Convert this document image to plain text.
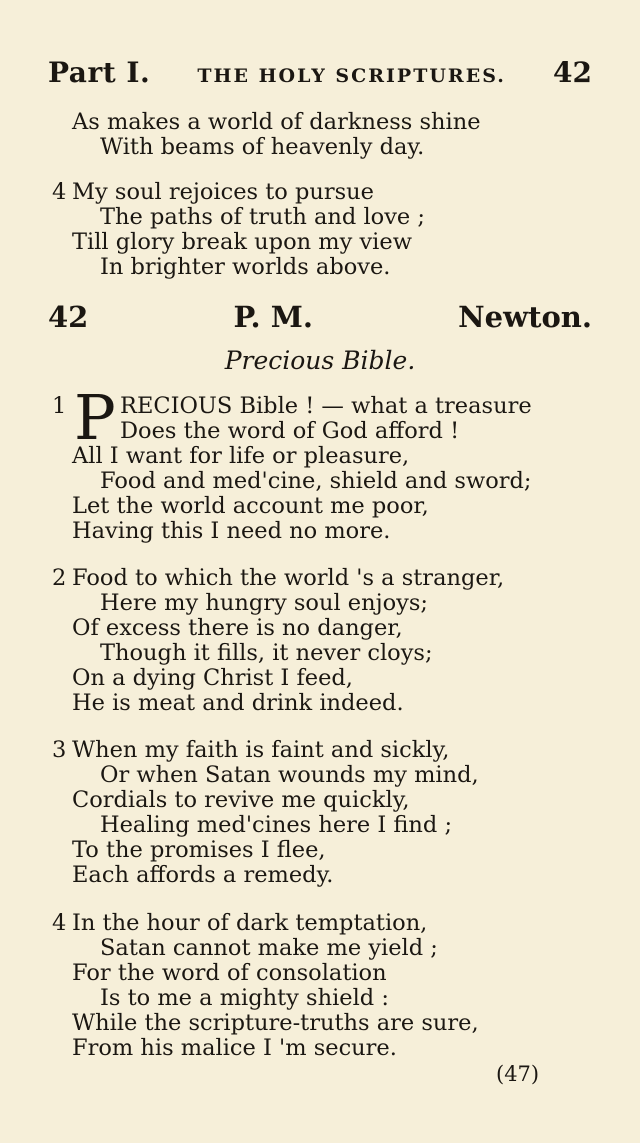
Part I. THE HOLY SCRIPTURES. 42
As makes a world of darkness shine
With beams of heavenly day.
4 My soul rejoices to pursue
The paths of truth and love ;
Till glory break upon my view
In brighter worlds above.
42	P. M.	Newton.
Precious Bible.
P
1 RECIOUS Bible ! — what a treasure
Does the word of God afford !
All I want for life or pleasure,
Food and med'cine, shield and sword;
Let the world account me poor,
Having this I need no more.
2 Food to which the world 's a stranger,
Here my hungry soul enjoys;
Of excess there is no danger,
Though it fills, it never cloys;
On a dying Christ I feed,
He is meat and drink indeed.
3 When my faith is faint and sickly,
Or when Satan wounds my mind,
Cordials to revive me quickly,
Healing med'cines here I find ;
To the promises I flee,
Each affords a remedy.
4 In the hour of dark temptation,
Satan cannot make me yield ;
For the word of consolation
Is to me a mighty shield :
While the scripture-truths are sure,
From his malice I 'm secure.
(47)
